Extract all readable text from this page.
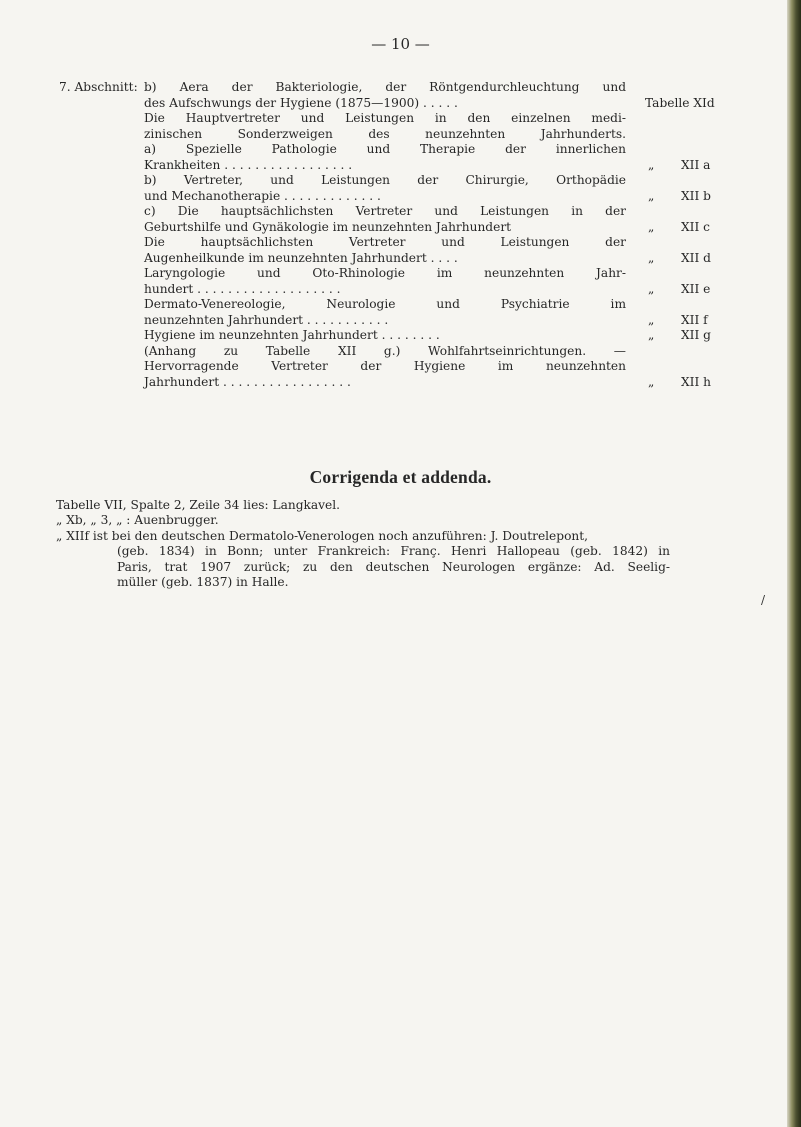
— 10 —
7. Abschnitt: b) Aera der Bakteriologie, der Röntgendurchleuchtung und
des Aufschwungs der Hygiene (1875—1900) . . . . .	Tabelle XId
Die Hauptvertreter und Leistungen in den einzelnen medi-
zinischen Sonderzweigen des neunzehnten Jahrhunderts.
a) Spezielle Pathologie und Therapie der innerlichen
Krankheiten . . . . . . . . . . . . . . . . .	„ XII a
b) Vertreter, und Leistungen der Chirurgie, Orthopädie
und Mechanotherapie . . . . . . . . . . . . .	„ XII b
c) Die hauptsächlichsten Vertreter und Leistungen in der
Geburtshilfe und Gynäkologie im neunzehnten Jahrhundert	„ XII c
Die hauptsächlichsten Vertreter und Leistungen der
Augenheilkunde im neunzehnten Jahrhundert . . . .	„ XII d
Laryngologie und Oto-Rhinologie im neunzehnten Jahr-
hundert . . . . . . . . . . . . . . . . . . .	„ XII e
Dermato-Venereologie, Neurologie und Psychiatrie im
neunzehnten Jahrhundert . . . . . . . . . . .	„ XII f
Hygiene im neunzehnten Jahrhundert . . . . . . . .	„ XII g
(Anhang zu Tabelle XII g.) Wohlfahrtseinrichtungen. —
Hervorragende Vertreter der Hygiene im neunzehnten
Jahrhundert . . . . . . . . . . . . . . . . .	„ XII h
Corrigenda et addenda.
Tabelle VII, Spalte 2, Zeile 34 lies: Langkavel.
„ Xb, „ 3, „ : Auenbrugger.
„ XIIf ist bei den deutschen Dermatolo-Venerologen noch anzuführen: J. Doutrelepont,
(geb. 1834) in Bonn; unter Frankreich: Franç. Henri Hallopeau (geb. 1842) in
Paris, trat 1907 zurück; zu den deutschen Neurologen ergänze: Ad. Seelig-
müller (geb. 1837) in Halle.
/
